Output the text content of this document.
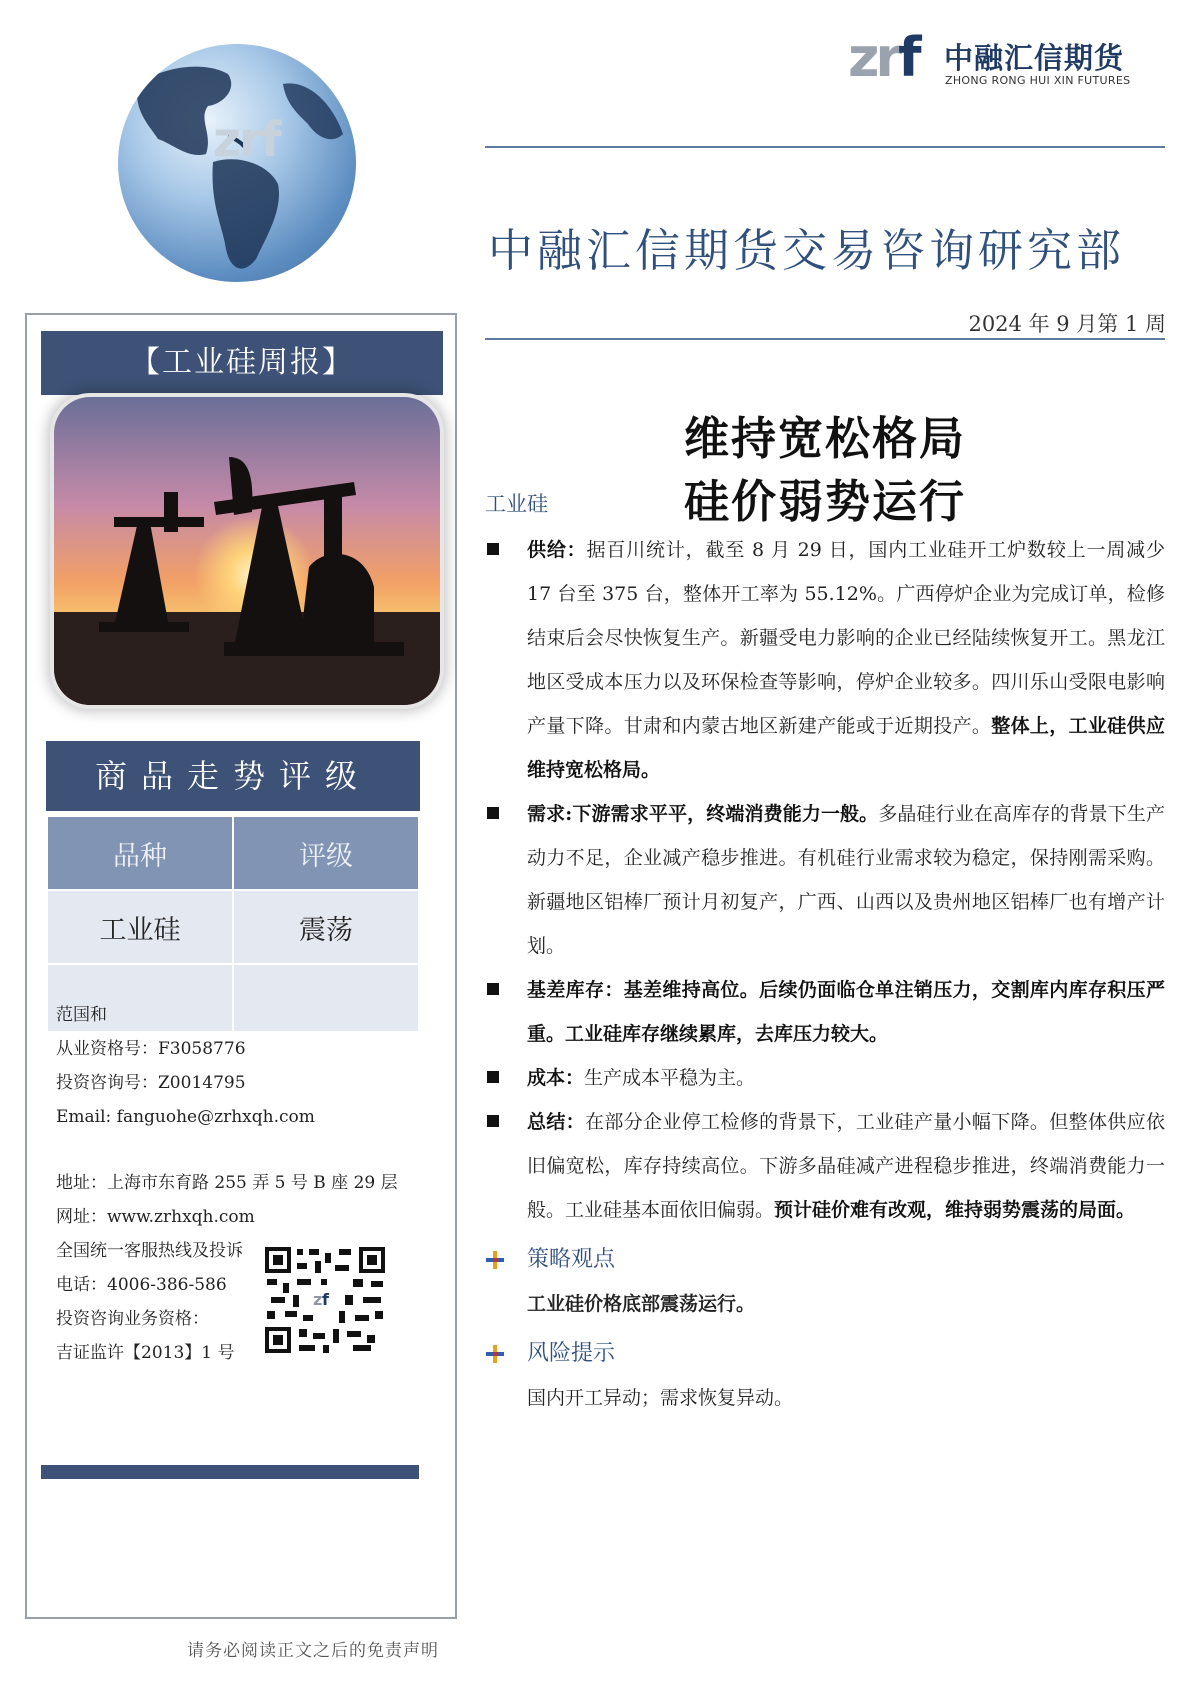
zrf
zrf 中融汇信期货
ZHONG RONG HUI XIN FUTURES
中融汇信期货交易咨询研究部
2024 年 9 月第 1 周
维持宽松格局
硅价弱势运行
【工业硅周报】
商品走势评级
品种	评级
工业硅	震荡

范国和
从业资格号：F3058776
投资咨询号：Z0014795
Email: fanguohe@zrhxqh.com
地址：上海市东育路 255 弄 5 号 B 座 29 层
网址：www.zrhxqh.com
全国统一客服热线及投诉
电话：4006-386-586
投资咨询业务资格：
吉证监许【2013】1 号
z f
请务必阅读正文之后的免责声明
工业硅
供给：据百川统计，截至 8 月 29 日，国内工业硅开工炉数较上一周减少 17 台至 375 台，整体开工率为 55.12%。广西停炉企业为完成订单，检修结束后会尽快恢复生产。新疆受电力影响的企业已经陆续恢复开工。黑龙江地区受成本压力以及环保检查等影响，停炉企业较多。四川乐山受限电影响产量下降。甘肃和内蒙古地区新建产能或于近期投产。整体上，工业硅供应维持宽松格局。
需求:下游需求平平，终端消费能力一般。多晶硅行业在高库存的背景下生产动力不足，企业减产稳步推进。有机硅行业需求较为稳定，保持刚需采购。新疆地区铝棒厂预计月初复产，广西、山西以及贵州地区铝棒厂也有增产计划。
基差库存：基差维持高位。后续仍面临仓单注销压力，交割库内库存积压严重。工业硅库存继续累库，去库压力较大。
成本：生产成本平稳为主。
总结：在部分企业停工检修的背景下，工业硅产量小幅下降。但整体供应依旧偏宽松，库存持续高位。下游多晶硅减产进程稳步推进，终端消费能力一般。工业硅基本面依旧偏弱。预计硅价难有改观，维持弱势震荡的局面。
策略观点
工业硅价格底部震荡运行。
风险提示
国内开工异动；需求恢复异动。
